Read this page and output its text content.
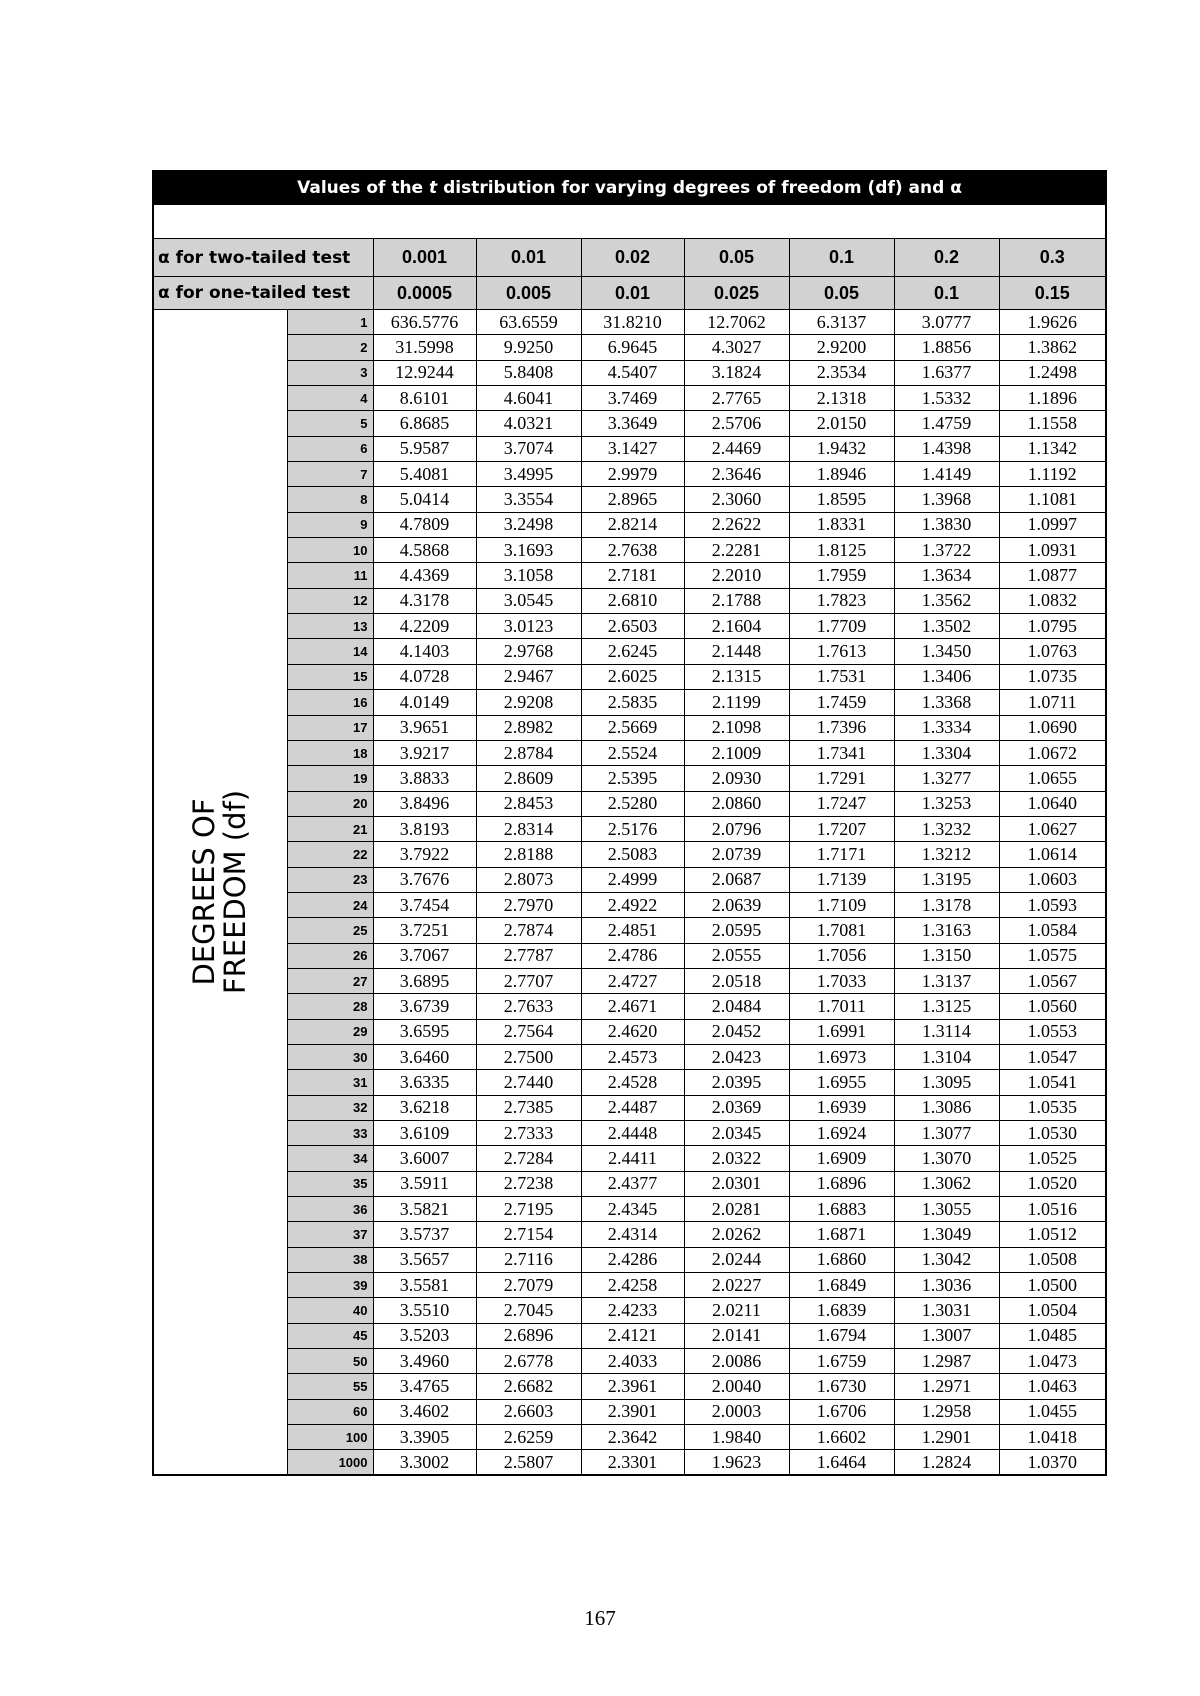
Values of the t distribution for varying degrees of freedom (df) and α								

α for two-tailed test		0.001	0.01	0.02	0.05	0.1	0.2	0.3
α for one-tailed test		0.0005	0.005	0.01	0.025	0.05	0.1	0.15

DEGREES OF
FREEDOM (df)	1	636.5776	63.6559	31.8210	12.7062	6.3137	3.0777	1.9626
	2	31.5998	9.9250	6.9645	4.3027	2.9200	1.8856	1.3862
	3	12.9244	5.8408	4.5407	3.1824	2.3534	1.6377	1.2498
	4	8.6101	4.6041	3.7469	2.7765	2.1318	1.5332	1.1896
	5	6.8685	4.0321	3.3649	2.5706	2.0150	1.4759	1.1558
	6	5.9587	3.7074	3.1427	2.4469	1.9432	1.4398	1.1342
	7	5.4081	3.4995	2.9979	2.3646	1.8946	1.4149	1.1192
	8	5.0414	3.3554	2.8965	2.3060	1.8595	1.3968	1.1081
	9	4.7809	3.2498	2.8214	2.2622	1.8331	1.3830	1.0997
	10	4.5868	3.1693	2.7638	2.2281	1.8125	1.3722	1.0931
	11	4.4369	3.1058	2.7181	2.2010	1.7959	1.3634	1.0877
	12	4.3178	3.0545	2.6810	2.1788	1.7823	1.3562	1.0832
	13	4.2209	3.0123	2.6503	2.1604	1.7709	1.3502	1.0795
	14	4.1403	2.9768	2.6245	2.1448	1.7613	1.3450	1.0763
	15	4.0728	2.9467	2.6025	2.1315	1.7531	1.3406	1.0735
	16	4.0149	2.9208	2.5835	2.1199	1.7459	1.3368	1.0711
	17	3.9651	2.8982	2.5669	2.1098	1.7396	1.3334	1.0690
	18	3.9217	2.8784	2.5524	2.1009	1.7341	1.3304	1.0672
	19	3.8833	2.8609	2.5395	2.0930	1.7291	1.3277	1.0655
	20	3.8496	2.8453	2.5280	2.0860	1.7247	1.3253	1.0640
	21	3.8193	2.8314	2.5176	2.0796	1.7207	1.3232	1.0627
	22	3.7922	2.8188	2.5083	2.0739	1.7171	1.3212	1.0614
	23	3.7676	2.8073	2.4999	2.0687	1.7139	1.3195	1.0603
	24	3.7454	2.7970	2.4922	2.0639	1.7109	1.3178	1.0593
	25	3.7251	2.7874	2.4851	2.0595	1.7081	1.3163	1.0584
	26	3.7067	2.7787	2.4786	2.0555	1.7056	1.3150	1.0575
	27	3.6895	2.7707	2.4727	2.0518	1.7033	1.3137	1.0567
	28	3.6739	2.7633	2.4671	2.0484	1.7011	1.3125	1.0560
	29	3.6595	2.7564	2.4620	2.0452	1.6991	1.3114	1.0553
	30	3.6460	2.7500	2.4573	2.0423	1.6973	1.3104	1.0547
	31	3.6335	2.7440	2.4528	2.0395	1.6955	1.3095	1.0541
	32	3.6218	2.7385	2.4487	2.0369	1.6939	1.3086	1.0535
	33	3.6109	2.7333	2.4448	2.0345	1.6924	1.3077	1.0530
	34	3.6007	2.7284	2.4411	2.0322	1.6909	1.3070	1.0525
	35	3.5911	2.7238	2.4377	2.0301	1.6896	1.3062	1.0520
	36	3.5821	2.7195	2.4345	2.0281	1.6883	1.3055	1.0516
	37	3.5737	2.7154	2.4314	2.0262	1.6871	1.3049	1.0512
	38	3.5657	2.7116	2.4286	2.0244	1.6860	1.3042	1.0508
	39	3.5581	2.7079	2.4258	2.0227	1.6849	1.3036	1.0500
	40	3.5510	2.7045	2.4233	2.0211	1.6839	1.3031	1.0504
	45	3.5203	2.6896	2.4121	2.0141	1.6794	1.3007	1.0485
	50	3.4960	2.6778	2.4033	2.0086	1.6759	1.2987	1.0473
	55	3.4765	2.6682	2.3961	2.0040	1.6730	1.2971	1.0463
	60	3.4602	2.6603	2.3901	2.0003	1.6706	1.2958	1.0455
	100	3.3905	2.6259	2.3642	1.9840	1.6602	1.2901	1.0418
	1000	3.3002	2.5807	2.3301	1.9623	1.6464	1.2824	1.0370
167
